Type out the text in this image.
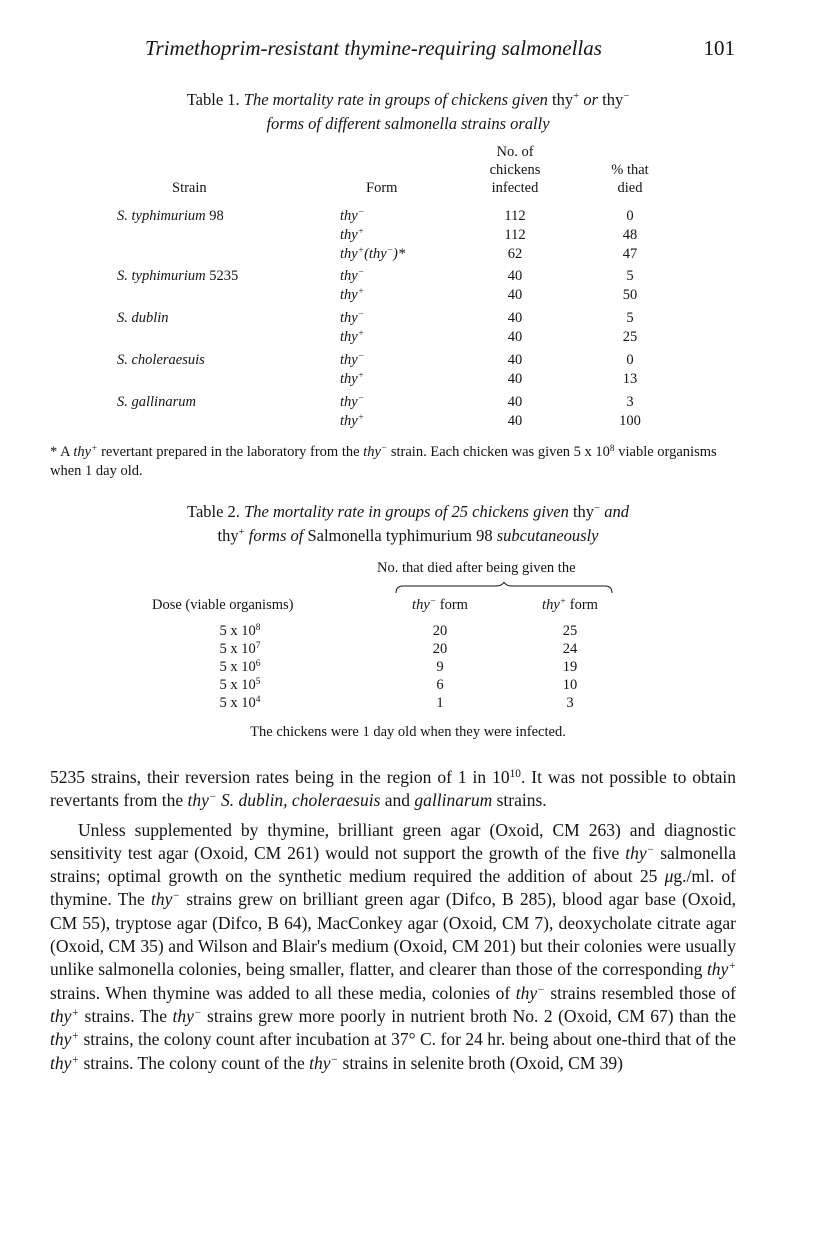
Trimethoprim-resistant thymine-requiring salmonellas	101
Table 1. The mortality rate in groups of chickens given thy+ or thy−
forms of different salmonella strains orally
No. of
chickens
infected
% that
died
Strain	Form
S. typhimurium 98	thy−	112	0
thy+	112	48
thy+(thy−)*	62	47
S. typhimurium 5235	thy−	40	5
thy+	40	50
S. dublin	thy−	40	5
thy+	40	25
S. choleraesuis	thy−	40	0
thy+	40	13
S. gallinarum	thy−	40	3
thy+	40	100
* A thy+ revertant prepared in the laboratory from the thy− strain. Each chicken was given 5 x $10^8$ viable organisms when 1 day old.
Table 2. The mortality rate in groups of 25 chickens given thy− and
thy+ forms of Salmonella typhimurium 98 subcutaneously
No. that died after being given the
Dose (viable organisms)	thy− form	thy+ form
5 x $10^8$	20	25
5 x $10^7$	20	24
5 x $10^6$	9	19
5 x $10^5$	6	10
5 x $10^4$	1	3
The chickens were 1 day old when they were infected.

5235 strains, their reversion rates being in the region of 1 in $10^{10}$. It was not possible to obtain revertants from the thy− S. dublin, choleraesuis and gallinarum strains.

Unless supplemented by thymine, brilliant green agar (Oxoid, CM 263) and diagnostic sensitivity test agar (Oxoid, CM 261) would not support the growth of the five thy− salmonella strains; optimal growth on the synthetic medium required the addition of about 25 μg./ml. of thymine. The thy− strains grew on brilliant green agar (Difco, B 285), blood agar base (Oxoid, CM 55), tryptose agar (Difco, B 64), MacConkey agar (Oxoid, CM 7), deoxycholate citrate agar (Oxoid, CM 35) and Wilson and Blair's medium (Oxoid, CM 201) but their colonies were usually unlike salmonella colonies, being smaller, flatter, and clearer than those of the corresponding thy+ strains. When thymine was added to all these media, colonies of thy− strains resembled those of thy+ strains. The thy− strains grew more poorly in nutrient broth No. 2 (Oxoid, CM 67) than the thy+ strains, the colony count after incubation at 37° C. for 24 hr. being about one-third that of the thy+ strains. The colony count of the thy− strains in selenite broth (Oxoid, CM 39)
